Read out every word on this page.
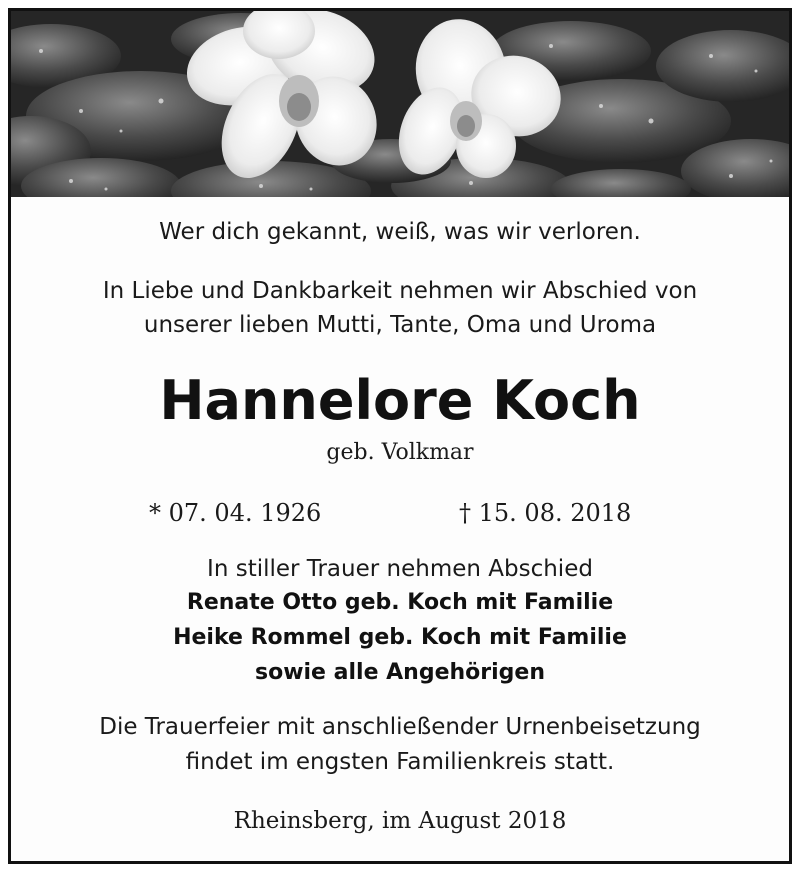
Wer dich gekannt, weiß, was wir verloren.
In Liebe und Dankbarkeit nehmen wir Abschied von
unserer lieben Mutti, Tante, Oma und Uroma
Hannelore Koch
geb. Volkmar
* 07. 04. 1926	† 15. 08. 2018
In stiller Trauer nehmen Abschied
Renate Otto geb. Koch mit Familie
Heike Rommel geb. Koch mit Familie
sowie alle Angehörigen
Die Trauerfeier mit anschließender Urnenbeisetzung
findet im engsten Familienkreis statt.
Rheinsberg, im August 2018
